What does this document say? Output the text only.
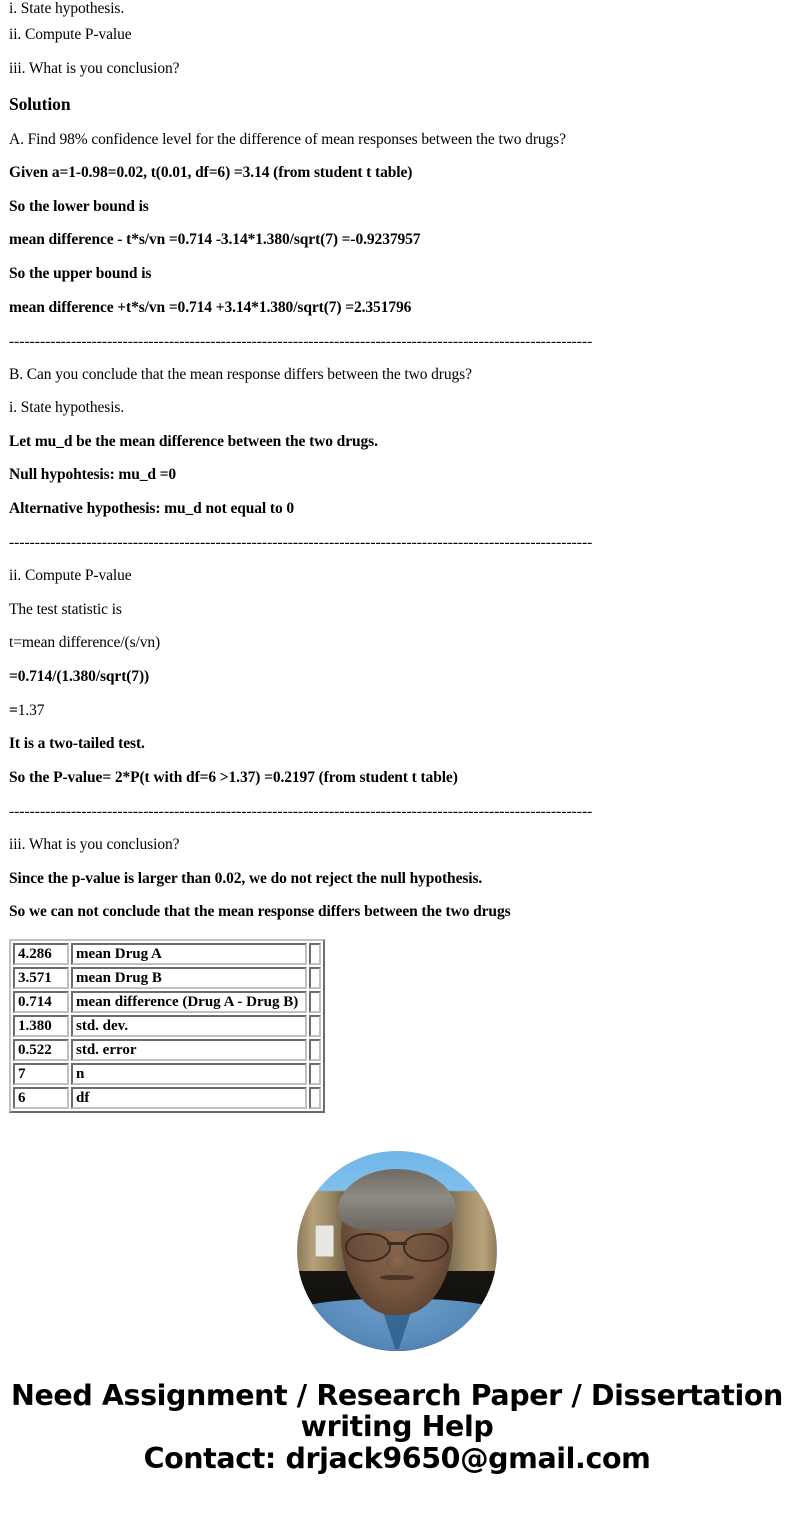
i. State hypothesis.

ii. Compute P-value

iii. What is you conclusion?

Solution

A. Find 98% confidence level for the difference of mean responses between the two drugs?

Given a=1-0.98=0.02, t(0.01, df=6) =3.14 (from student t table)

So the lower bound is

mean difference - t*s/vn =0.714 -3.14*1.380/sqrt(7) =-0.9237957

So the upper bound is

mean difference +t*s/vn =0.714 +3.14*1.380/sqrt(7) =2.351796

-----------------------------------------------------------------------------------------------------------------

B. Can you conclude that the mean response differs between the two drugs?

i. State hypothesis.

Let mu_d be the mean difference between the two drugs.

Null hypohtesis: mu_d =0

Alternative hypothesis: mu_d not equal to 0

-----------------------------------------------------------------------------------------------------------------

ii. Compute P-value

The test statistic is

t=mean difference/(s/vn)

=0.714/(1.380/sqrt(7))

= 1.37

It is a two-tailed test.

So the P-value= 2*P(t with df=6 >1.37) =0.2197 (from student t table)

-----------------------------------------------------------------------------------------------------------------

iii. What is you conclusion?

Since the p-value is larger than 0.02, we do not reject the null hypothesis.

So we can not conclude that the mean response differs between the two drugs

4.286	mean Drug A	
3.571	mean Drug B	
0.714	mean difference (Drug A - Drug B)	
1.380	std. dev.	
0.522	std. error	
7	n	
6	df	
Need Assignment / Research Paper / Dissertation
writing Help
Contact: drjack9650@gmail.com
